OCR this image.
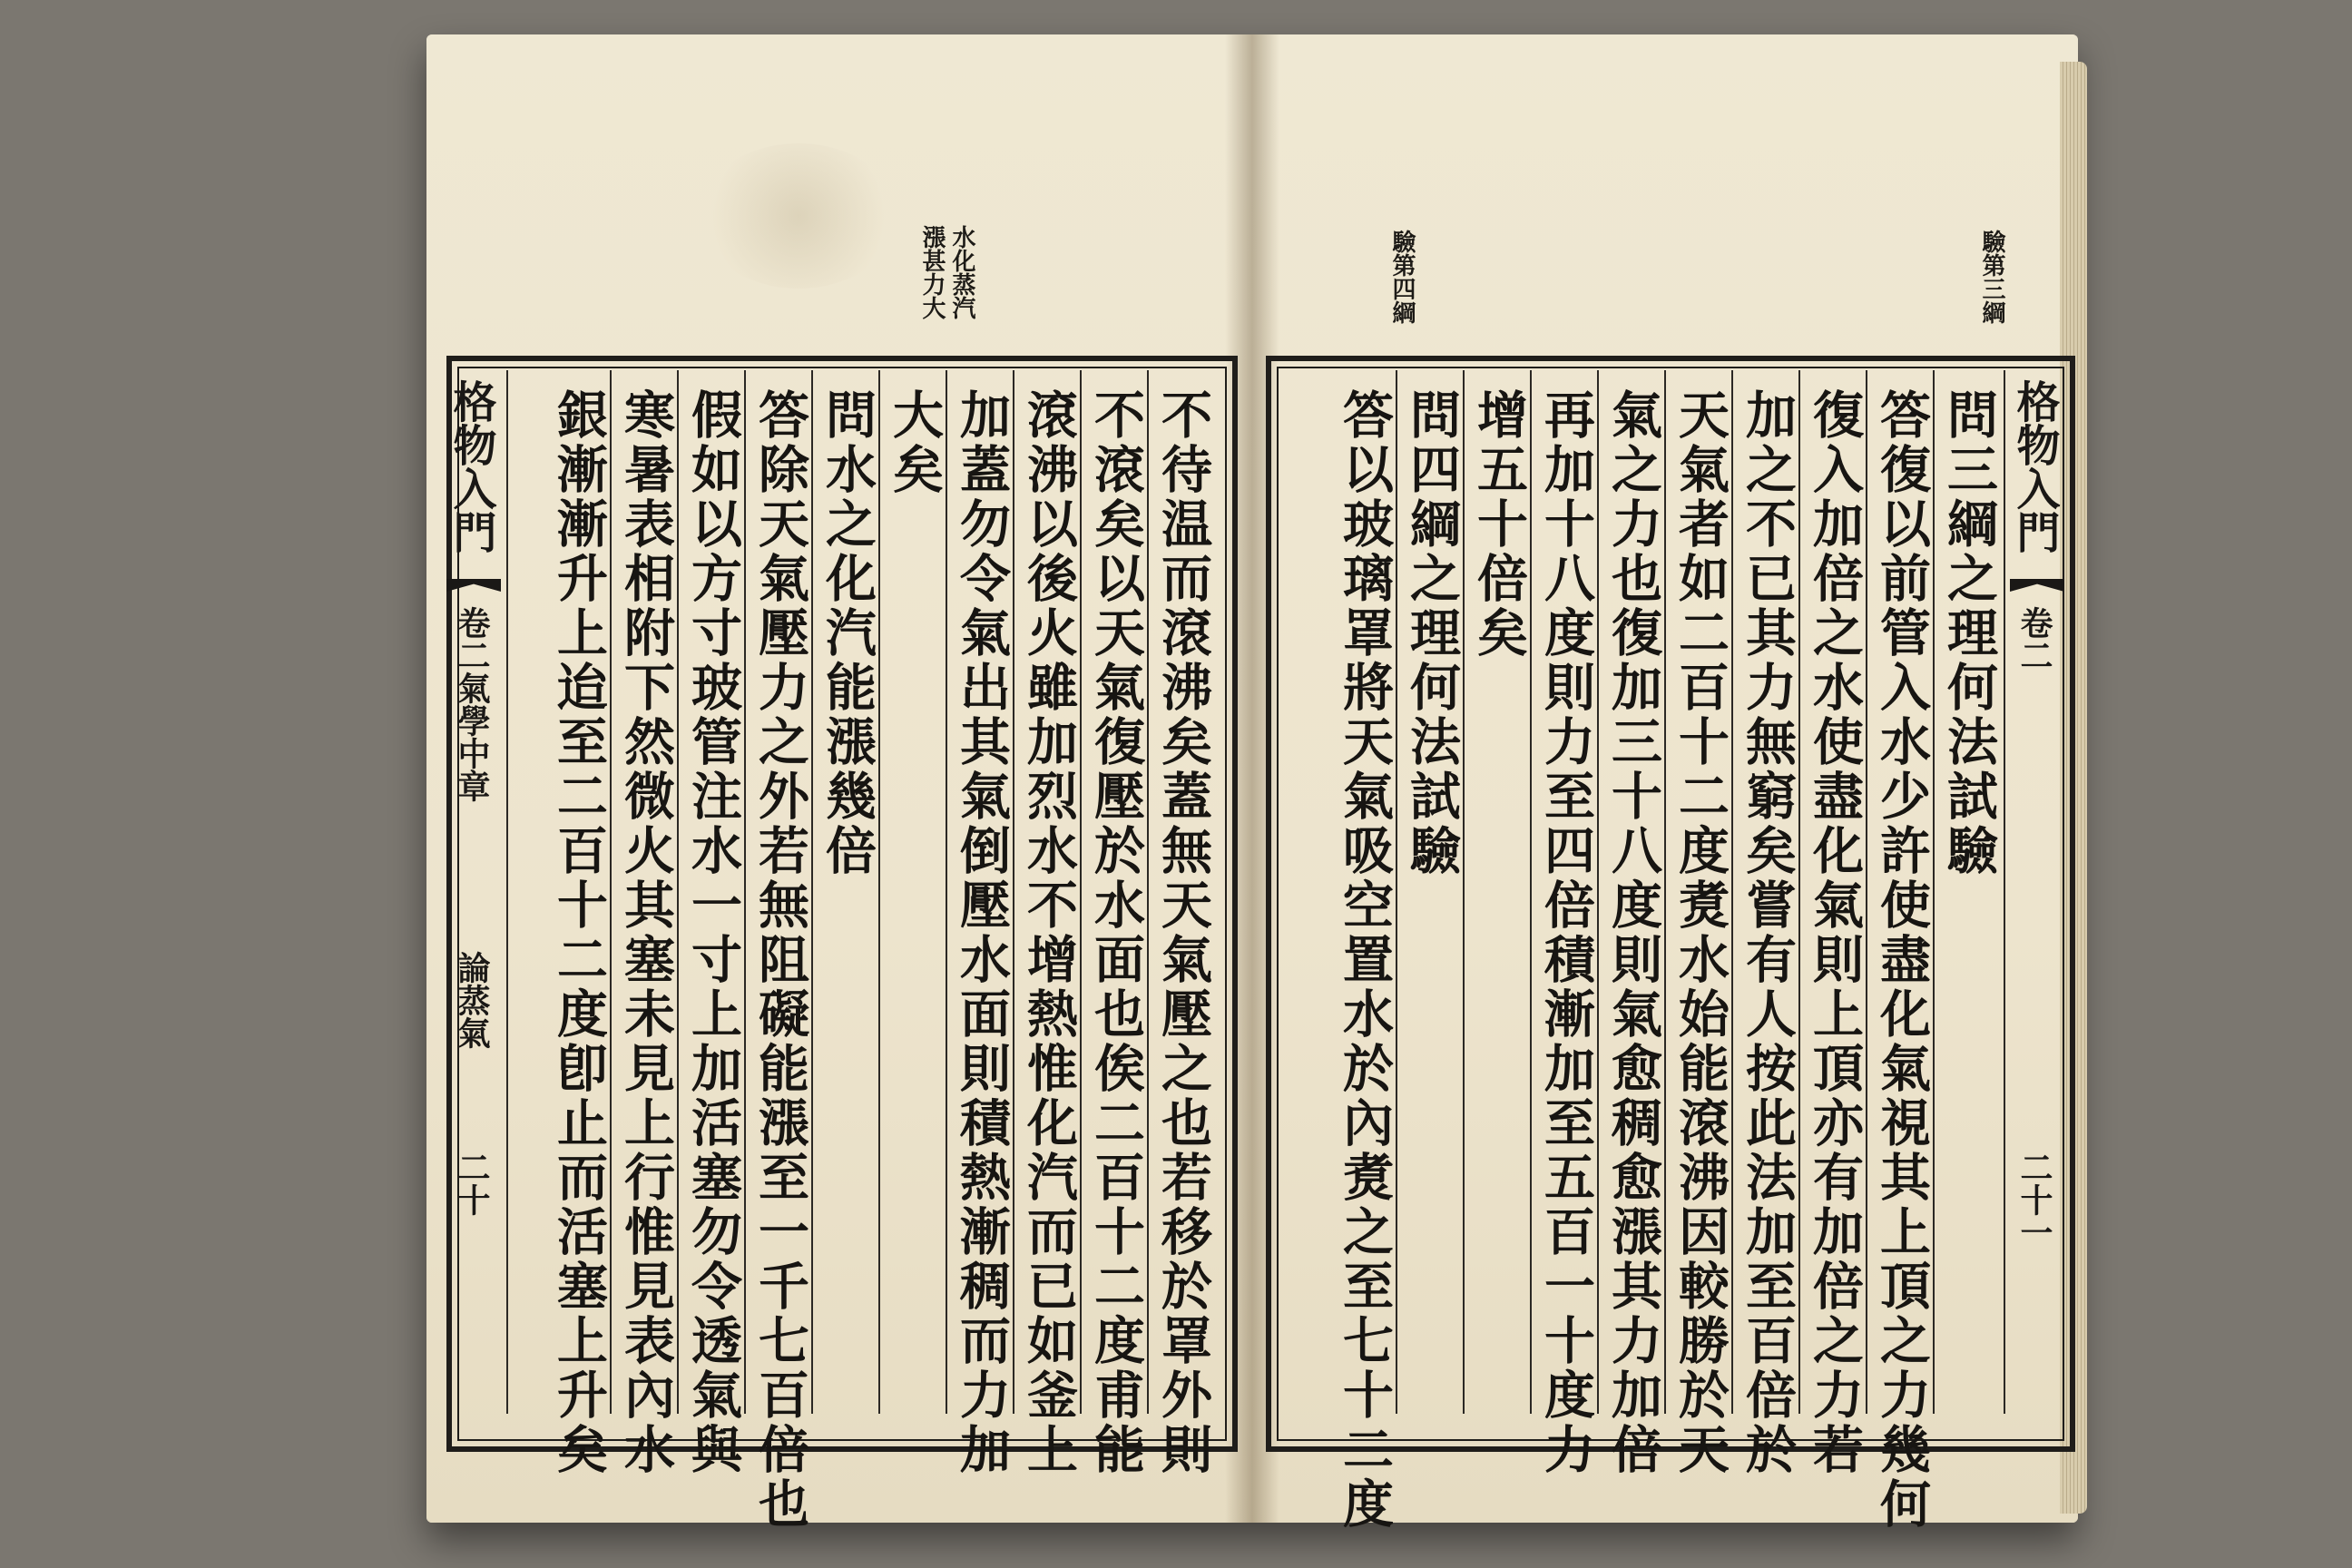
水化蒸汽
漲甚力大
格物入門
卷二氣學中章
論蒸氣
二十	不待温而滾沸矣蓋無天氣壓之也若移於罩外則
不滾矣以天氣復壓於水面也俟二百十二度甫能
滾沸以後火雖加烈水不增熱惟化汽而已如釜上
加蓋勿令氣出其氣倒壓水面則積熱漸稠而力加
大矣
問水之化汽能漲幾倍
答除天氣壓力之外若無阻礙能漲至一千七百倍也
假如以方寸玻管注水一寸上加活塞勿令透氣與
寒暑表相附下然微火其塞未見上行惟見表內水
銀漸漸升上迨至二百十二度卽止而活塞上升矣
驗第四綱	驗第三綱
格物入門
卷二
二十一
問三綱之理何法試驗
答復以前管入水少許使盡化氣視其上頂之力幾何
復入加倍之水使盡化氣則上頂亦有加倍之力若
加之不已其力無窮矣嘗有人按此法加至百倍於
天氣者如二百十二度煑水始能滾沸因較勝於天
氣之力也復加三十八度則氣愈稠愈漲其力加倍
再加十八度則力至四倍積漸加至五百一十度力
增五十倍矣
問四綱之理何法試驗
答以玻璃罩將天氣吸空置水於內煑之至七十二度
